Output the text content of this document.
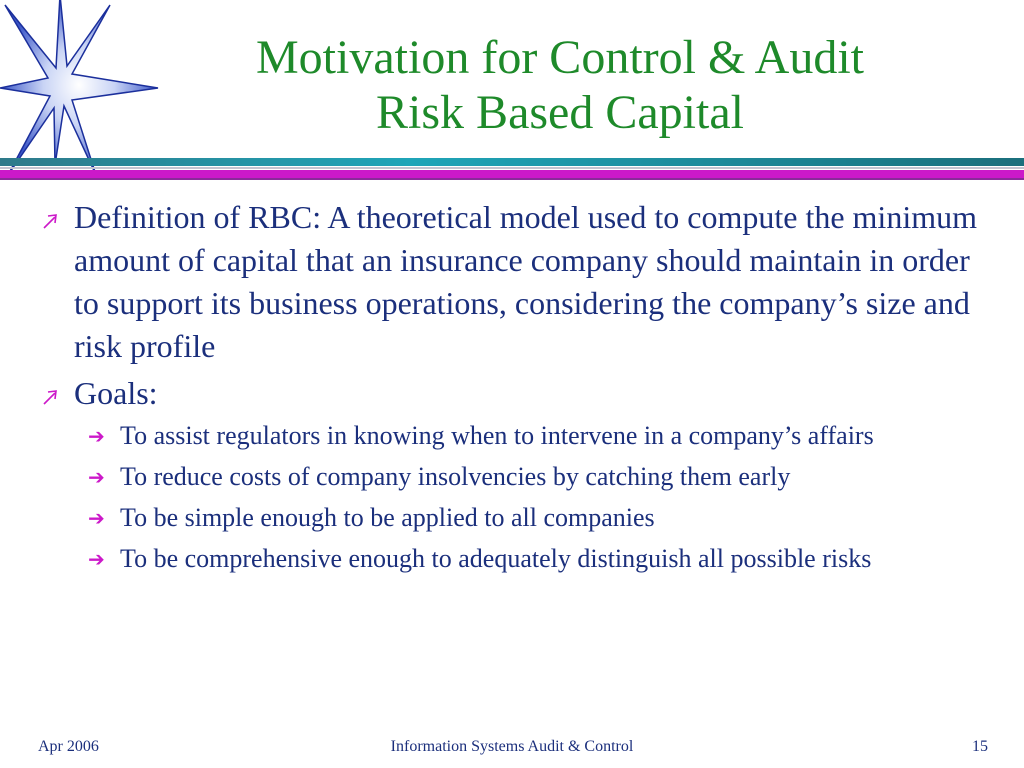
Motivation for Control & Audit
Risk Based Capital
Definition of RBC: A theoretical model used to compute the minimum amount of capital that an insurance company should maintain in order to support its business operations, considering the company’s size and risk profile
Goals:
➔ To assist regulators in knowing when to intervene in a company’s affairs
➔ To reduce costs of company insolvencies by catching them early
➔ To be simple enough to be applied to all companies
➔ To be comprehensive enough to adequately distinguish all possible risks
Apr 2006	Information Systems Audit & Control	15
